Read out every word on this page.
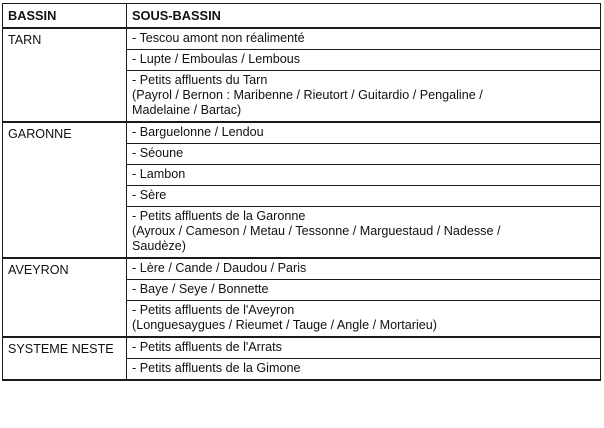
BASSIN	SOUS-BASSIN
TARN	- Tescou amont non réalimenté

	- Lupte / Emboulas / Lembous

	- Petits affluents du Tarn
(Payrol / Bernon : Maribenne / Rieutort / Guitardio / Pengaline /
Madelaine / Bartac)

GARONNE	- Barguelonne / Lendou

	- Séoune

	- Lambon

	- Sère

	- Petits affluents de la Garonne
(Ayroux / Cameson / Metau / Tessonne / Marguestaud / Nadesse /
Saudèze)

AVEYRON	- Lère / Cande / Daudou / Paris

	- Baye / Seye / Bonnette

	- Petits affluents de l'Aveyron
(Longuesaygues / Rieumet / Tauge / Angle / Mortarieu)

SYSTEME NESTE	- Petits affluents de l'Arrats

	- Petits affluents de la Gimone
